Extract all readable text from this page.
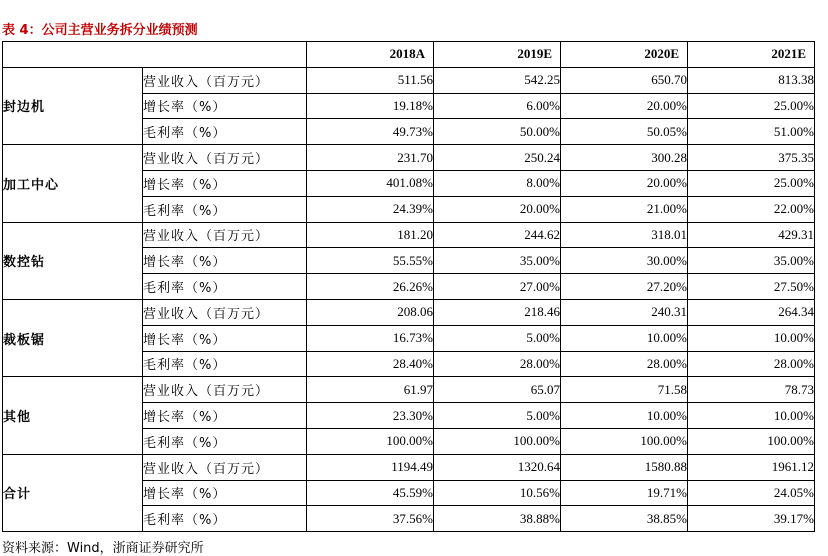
表 4：公司主营业务拆分业绩预测
		2018A	2019E	2020E	2021E
封边机	营业收入（百万元）	511.56	542.25	650.70	813.38
	增长率（%）	19.18%	6.00%	20.00%	25.00%
	毛利率（%）	49.73%	50.00%	50.05%	51.00%
加工中心	营业收入（百万元）	231.70	250.24	300.28	375.35
	增长率（%）	401.08%	8.00%	20.00%	25.00%
	毛利率（%）	24.39%	20.00%	21.00%	22.00%
数控钻	营业收入（百万元）	181.20	244.62	318.01	429.31
	增长率（%）	55.55%	35.00%	30.00%	35.00%
	毛利率（%）	26.26%	27.00%	27.20%	27.50%
裁板锯	营业收入（百万元）	208.06	218.46	240.31	264.34
	增长率（%）	16.73%	5.00%	10.00%	10.00%
	毛利率（%）	28.40%	28.00%	28.00%	28.00%
其他	营业收入（百万元）	61.97	65.07	71.58	78.73
	增长率（%）	23.30%	5.00%	10.00%	10.00%
	毛利率（%）	100.00%	100.00%	100.00%	100.00%
合计	营业收入（百万元）	1194.49	1320.64	1580.88	1961.12
	增长率（%）	45.59%	10.56%	19.71%	24.05%
	毛利率（%）	37.56%	38.88%	38.85%	39.17%
资料来源：Wind，浙商证券研究所
